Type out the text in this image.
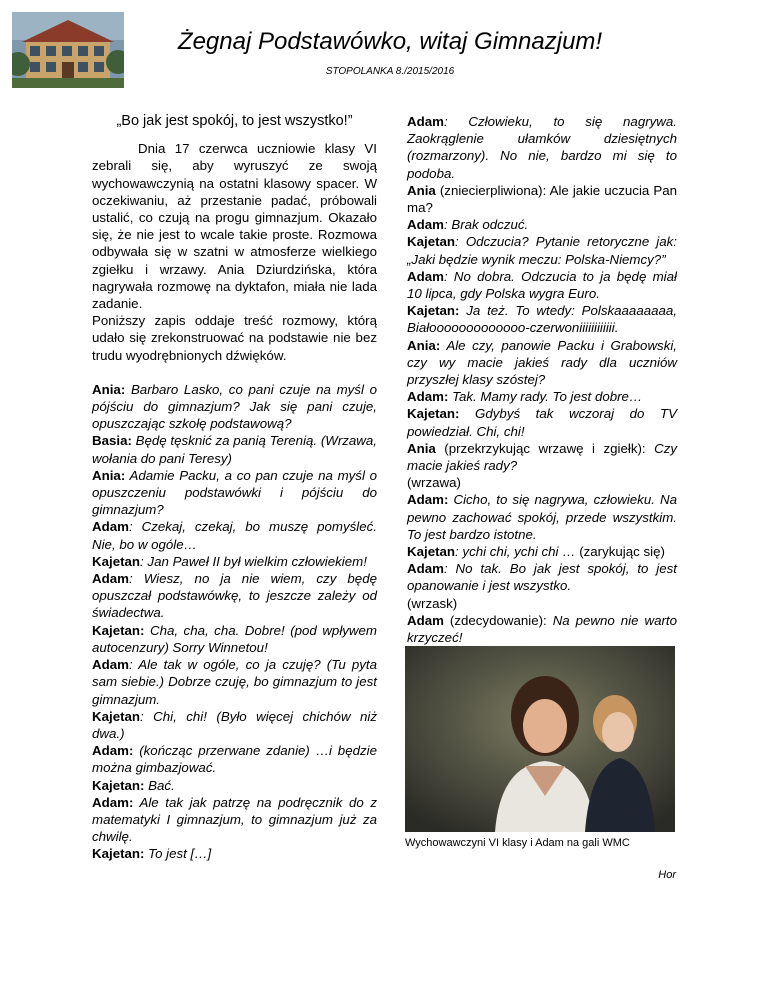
Żegnaj Podstawówko, witaj Gimnazjum!

STOPOLANKA 8./2015/2016

„Bo jak jest spokój, to jest wszystko!”

Dnia 17 czerwca uczniowie klasy VI zebrali się, aby wyruszyć ze swoją wychowawczynią na ostatni klasowy spacer. W oczekiwaniu, aż przestanie padać, próbowali ustalić, co czują na progu gimnazjum. Okazało się, że nie jest to wcale takie proste. Rozmowa odbywała się w szatni w atmosferze wielkiego zgiełku i wrzawy. Ania Dziurdzińska, która nagrywała rozmowę na dyktafon, miała nie lada zadanie.

Poniższy zapis oddaje treść rozmowy, którą udało się zrekonstruować na podstawie nie bez trudu wyodrębnionych dźwięków.

Ania: Barbaro Lasko, co pani czuje na myśl o pójściu do gimnazjum? Jak się pani czuje, opuszczając szkołę podstawową?

Basia: Będę tęsknić za panią Terenią. (Wrzawa, wołania do pani Teresy)

Ania: Adamie Packu, a co pan czuje na myśl o opuszczeniu podstawówki i pójściu do gimnazjum?

Adam: Czekaj, czekaj, bo muszę pomyśleć. Nie, bo w ogóle…

Kajetan: Jan Paweł II był wielkim człowiekiem!

Adam: Wiesz, no ja nie wiem, czy będę opuszczał podstawówkę, to jeszcze zależy od świadectwa.

Kajetan: Cha, cha, cha. Dobre! (pod wpływem autocenzury) Sorry Winnetou!

Adam: Ale tak w ogóle, co ja czuję? (Tu pyta sam siebie.) Dobrze czuję, bo gimnazjum to jest gimnazjum.

Kajetan: Chi, chi! (Było więcej chichów niż dwa.)

Adam: (kończąc przerwane zdanie) …i będzie można gimbazjować.

Kajetan: Bać.

Adam: Ale tak jak patrzę na podręcznik do z matematyki I gimnazjum, to gimnazjum już za chwilę.

Kajetan: To jest […]

Adam: Człowieku, to się nagrywa. Zaokrąglenie ułamków dziesiętnych (rozmarzony). No nie, bardzo mi się to podoba.

Ania (zniecierpliwiona): Ale jakie uczucia Pan ma?

Adam: Brak odczuć.

Kajetan: Odczucia? Pytanie retoryczne jak: „Jaki będzie wynik meczu: Polska-Niemcy?”

Adam: No dobra. Odczucia to ja będę miał 10 lipca, gdy Polska wygra Euro.

Kajetan: Ja też. To wtedy: Polskaaaaaaaa, Białooooooooooooo-czerwoniiiiiiiiiiii.

Ania: Ale czy, panowie Packu i Grabowski, czy wy macie jakieś rady dla uczniów przyszłej klasy szóstej?

Adam: Tak. Mamy rady. To jest dobre…

Kajetan: Gdybyś tak wczoraj do TV powiedział. Chi, chi!

Ania (przekrzykując wrzawę i zgiełk): Czy macie jakieś rady?

(wrzawa)

Adam: Cicho, to się nagrywa, człowieku. Na pewno zachować spokój, przede wszystkim. To jest bardzo istotne.

Kajetan: ychi chi, ychi chi … (zarykując się)

Adam: No tak. Bo jak jest spokój, to jest opanowanie i jest wszystko.

(wrzask)

Adam (zdecydowanie): Na pewno nie warto krzyczeć!

Wychowawczyni VI klasy i Adam na gali WMC

Hor
